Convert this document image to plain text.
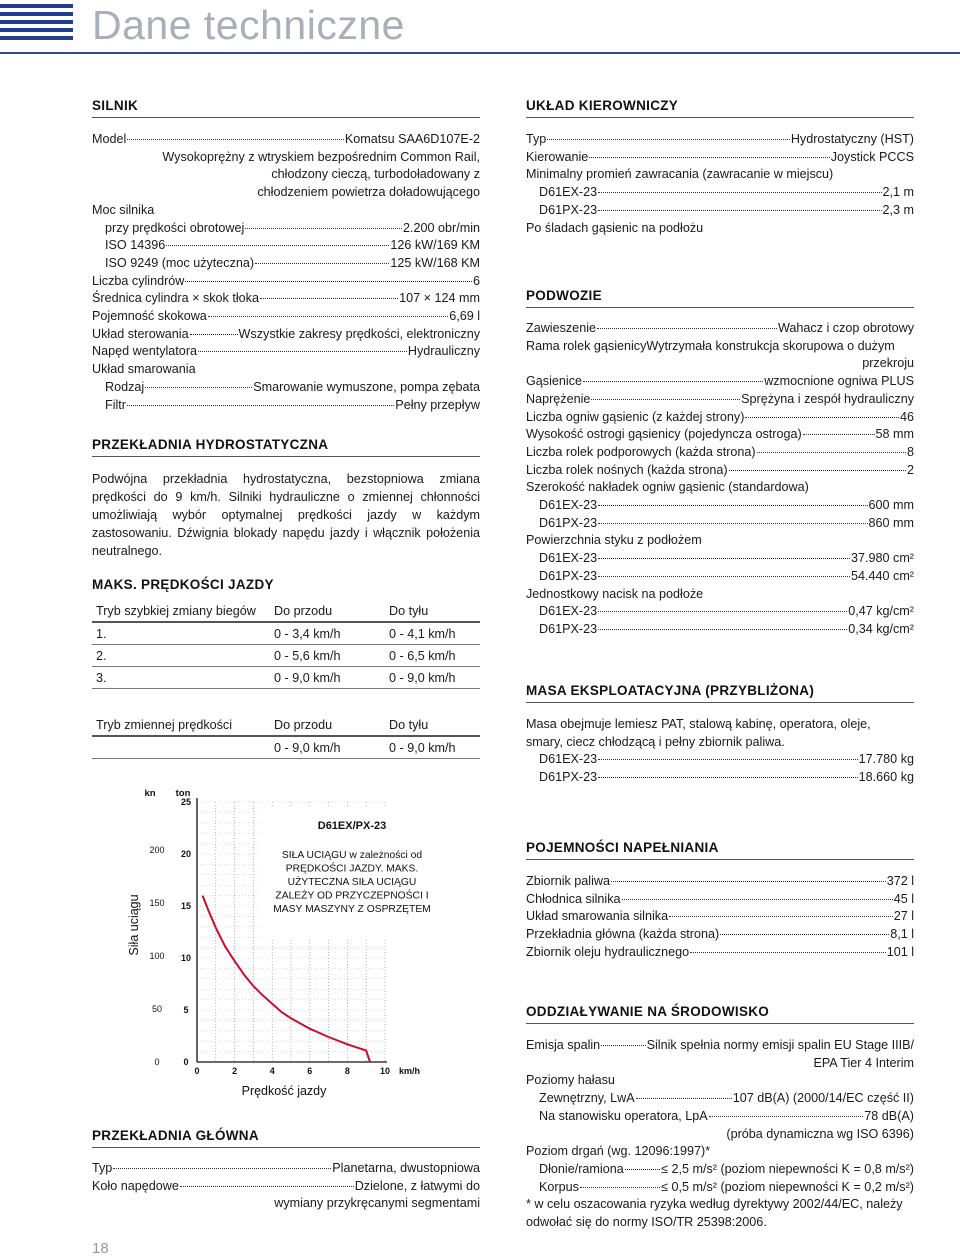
Dane techniczne
SILNIK
Model	Komatsu SAA6D107E-2
Wysokoprężny z wtryskiem bezpośrednim Common Rail,
chłodzony cieczą, turbodoładowany z
chłodzeniem powietrza doładowującego
Moc silnika
przy prędkości obrotowej	2.200 obr/min
ISO 14396	126 kW/169 KM
ISO 9249 (moc użyteczna)	125 kW/168 KM
Liczba cylindrów	6
Średnica cylindra × skok tłoka	107 × 124 mm
Pojemność skokowa	6,69 l
Układ sterowania	Wszystkie zakresy prędkości, elektroniczny
Napęd wentylatora	Hydrauliczny
Układ smarowania
Rodzaj	Smarowanie wymuszone, pompa zębata
Filtr	Pełny przepływ
PRZEKŁADNIA HYDROSTATYCZNA
Podwójna przekładnia hydrostatyczna, bezstopniowa zmiana prędkości do 9 km/h. Silniki hydrauliczne o zmiennej chłonności umożliwiają wybór optymalnej prędkości jazdy w każdym zastosowaniu. Dźwignia blokady napędu jazdy i włącznik położenia neutralnego.
MAKS. PRĘDKOŚCI JAZDY
Tryb szybkiej zmiany biegów	Do przodu	Do tyłu
1.	0 - 3,4 km/h	0 - 4,1 km/h
2.	0 - 5,6 km/h	0 - 6,5 km/h
3.	0 - 9,0 km/h	0 - 9,0 km/h
Tryb zmiennej prędkości	Do przodu	Do tyłu
	0 - 9,0 km/h	0 - 9,0 km/h
0	2	4	6	8	10 km/h
0
5
10
15
20
25
0
50
100
150
200
D61EX/PX-23
SIŁA UCIĄGU w zależności od PRĘDKOŚCI JAZDY. MAKS. UŻYTECZNA SIŁA UCIĄGU ZALEŻY OD PRZYCZEPNOŚCI I MASY MASZYNY Z OSPRZĘTEM
Prędkość jazdy
Siła uciągu
kn ton
PRZEKŁADNIA GŁÓWNA
Typ	Planetarna, dwustopniowa
Koło napędowe	Dzielone, z łatwymi do
wymiany przykręcanymi segmentami
18
UKŁAD KIEROWNICZY
Typ	Hydrostatyczny (HST)
Kierowanie	Joystick PCCS
Minimalny promień zawracania (zawracanie w miejscu)
D61EX-23	2,1 m
D61PX-23	2,3 m
Po śladach gąsienic na podłożu
PODWOZIE
Zawieszenie	Wahacz i czop obrotowy
Rama rolek gąsienicyWytrzymała konstrukcja skorupowa o dużym
przekroju
Gąsienice	wzmocnione ogniwa PLUS
Naprężenie	Sprężyna i zespół hydrauliczny
Liczba ogniw gąsienic (z każdej strony)	46
Wysokość ostrogi gąsienicy (pojedyncza ostroga)	58 mm
Liczba rolek podporowych (każda strona)	8
Liczba rolek nośnych (każda strona)	2
Szerokość nakładek ogniw gąsienic (standardowa)
D61EX-23	600 mm
D61PX-23	860 mm
Powierzchnia styku z podłożem
D61EX-23	37.980 cm²
D61PX-23	54.440 cm²
Jednostkowy nacisk na podłoże
D61EX-23	0,47 kg/cm²
D61PX-23	0,34 kg/cm²
MASA EKSPLOATACYJNA (PRZYBLIŻONA)
Masa obejmuje lemiesz PAT, stalową kabinę, operatora, oleje, smary, ciecz chłodzącą i pełny zbiornik paliwa.
D61EX-23	17.780 kg
D61PX-23	18.660 kg
POJEMNOŚCI NAPEŁNIANIA
Zbiornik paliwa	372 l
Chłodnica silnika	45 l
Układ smarowania silnika	27 l
Przekładnia główna (każda strona)	8,1 l
Zbiornik oleju hydraulicznego	101 l
ODDZIAŁYWANIE NA ŚRODOWISKO
Emisja spalin	Silnik spełnia normy emisji spalin EU Stage IIIB/
EPA Tier 4 Interim
Poziomy hałasu
Zewnętrzny, LwA	107 dB(A) (2000/14/EC część II)
Na stanowisku operatora, LpA	78 dB(A)
(próba dynamiczna wg ISO 6396)
Poziom drgań (wg. 12096:1997)*
Dłonie/ramiona	≤ 2,5 m/s² (poziom niepewności K = 0,8 m/s²)
Korpus	≤ 0,5 m/s² (poziom niepewności K = 0,2 m/s²)
* w celu oszacowania ryzyka według dyrektywy 2002/44/EC, należy odwołać się do normy ISO/TR 25398:2006.
